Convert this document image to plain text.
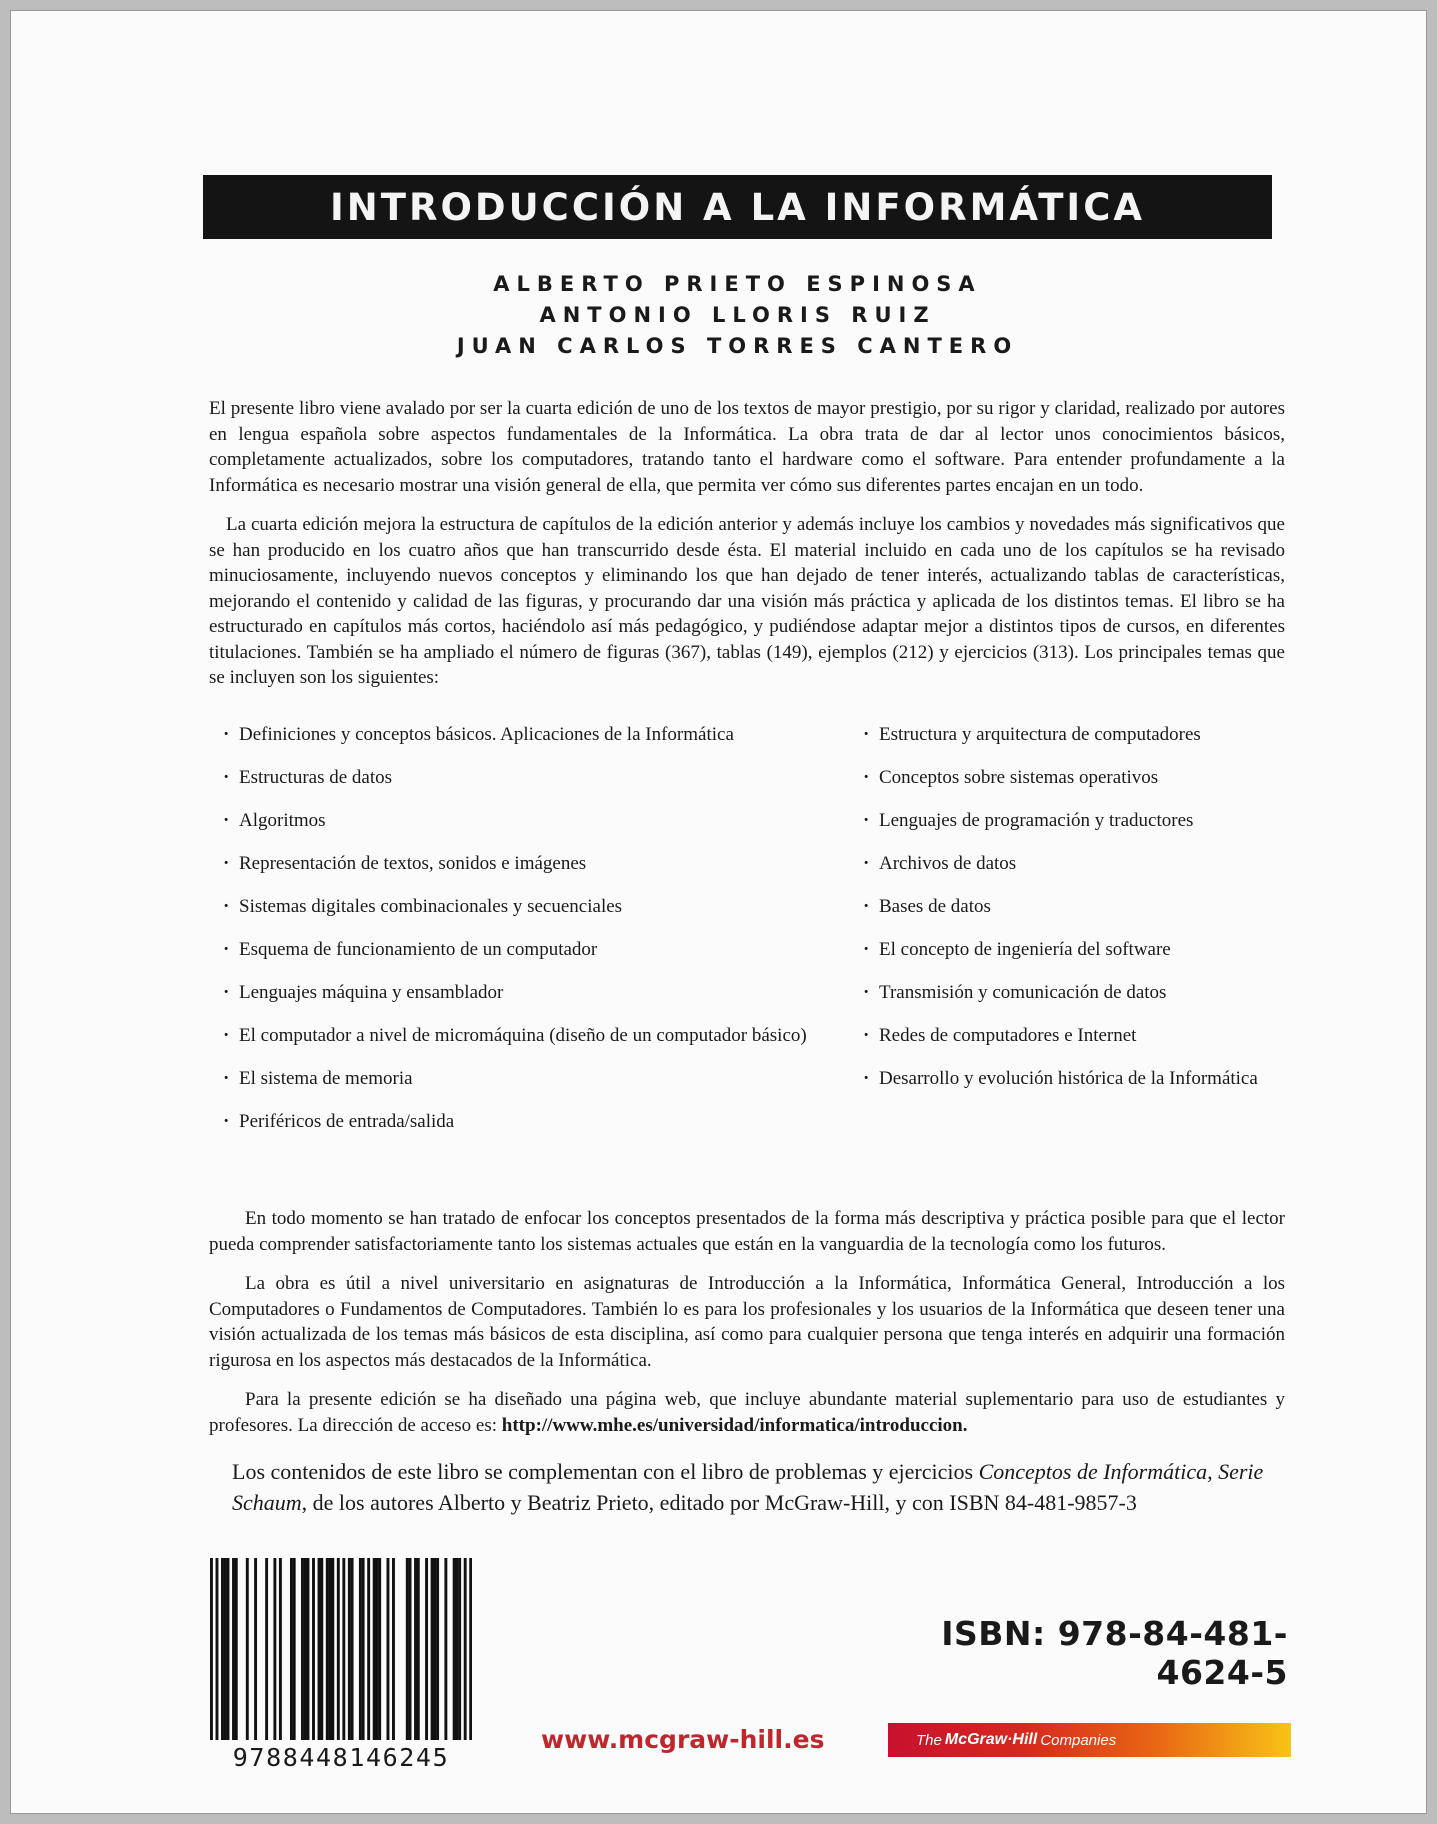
INTRODUCCIÓN A LA INFORMÁTICA
ALBERTO PRIETO ESPINOSA
ANTONIO LLORIS RUIZ
JUAN CARLOS TORRES CANTERO

El presente libro viene avalado por ser la cuarta edición de uno de los textos de mayor prestigio, por su rigor y claridad, realizado por autores en lengua española sobre aspectos fundamentales de la Informática. La obra trata de dar al lector unos conocimientos básicos, completamente actualizados, sobre los computadores, tratando tanto el hardware como el software. Para entender profundamente a la Informática es necesario mostrar una visión general de ella, que permita ver cómo sus diferentes partes encajan en un todo.

La cuarta edición mejora la estructura de capítulos de la edición anterior y además incluye los cambios y novedades más significativos que se han producido en los cuatro años que han transcurrido desde ésta. El material incluido en cada uno de los capítulos se ha revisado minuciosamente, incluyendo nuevos conceptos y eliminando los que han dejado de tener interés, actualizando tablas de características, mejorando el contenido y calidad de las figuras, y procurando dar una visión más práctica y aplicada de los distintos temas. El libro se ha estructurado en capítulos más cortos, haciéndolo así más pedagógico, y pudiéndose adaptar mejor a distintos tipos de cursos, en diferentes titulaciones. También se ha ampliado el número de figuras (367), tablas (149), ejemplos (212) y ejercicios (313). Los principales temas que se incluyen son los siguientes:

· Definiciones y conceptos básicos. Aplicaciones de la Informática
· Estructuras de datos
· Algoritmos
· Representación de textos, sonidos e imágenes
· Sistemas digitales combinacionales y secuenciales
· Esquema de funcionamiento de un computador
· Lenguajes máquina y ensamblador
· El computador a nivel de micromáquina (diseño de un computador básico)
· El sistema de memoria
· Periféricos de entrada/salida
· Estructura y arquitectura de computadores
· Conceptos sobre sistemas operativos
· Lenguajes de programación y traductores
· Archivos de datos
· Bases de datos
· El concepto de ingeniería del software
· Transmisión y comunicación de datos
· Redes de computadores e Internet
· Desarrollo y evolución histórica de la Informática

En todo momento se han tratado de enfocar los conceptos presentados de la forma más descriptiva y práctica posible para que el lector pueda comprender satisfactoriamente tanto los sistemas actuales que están en la vanguardia de la tecnología como los futuros.

La obra es útil a nivel universitario en asignaturas de Introducción a la Informática, Informática General, Introducción a los Computadores o Fundamentos de Computadores. También lo es para los profesionales y los usuarios de la Informática que deseen tener una visión actualizada de los temas más básicos de esta disciplina, así como para cualquier persona que tenga interés en adquirir una formación rigurosa en los aspectos más destacados de la Informática.

Para la presente edición se ha diseñado una página web, que incluye abundante material suplementario para uso de estudiantes y profesores. La dirección de acceso es: http://www.mhe.es/universidad/informatica/introduccion.

Los contenidos de este libro se complementan con el libro de problemas y ejercicios Conceptos de Informática, Serie Schaum, de los autores Alberto y Beatriz Prieto, editado por McGraw-Hill, y con ISBN 84-481-9857-3
9788448146245
ISBN: 978-84-481-4624-5
www.mcgraw-hill.es	The McGraw·Hill Companies
